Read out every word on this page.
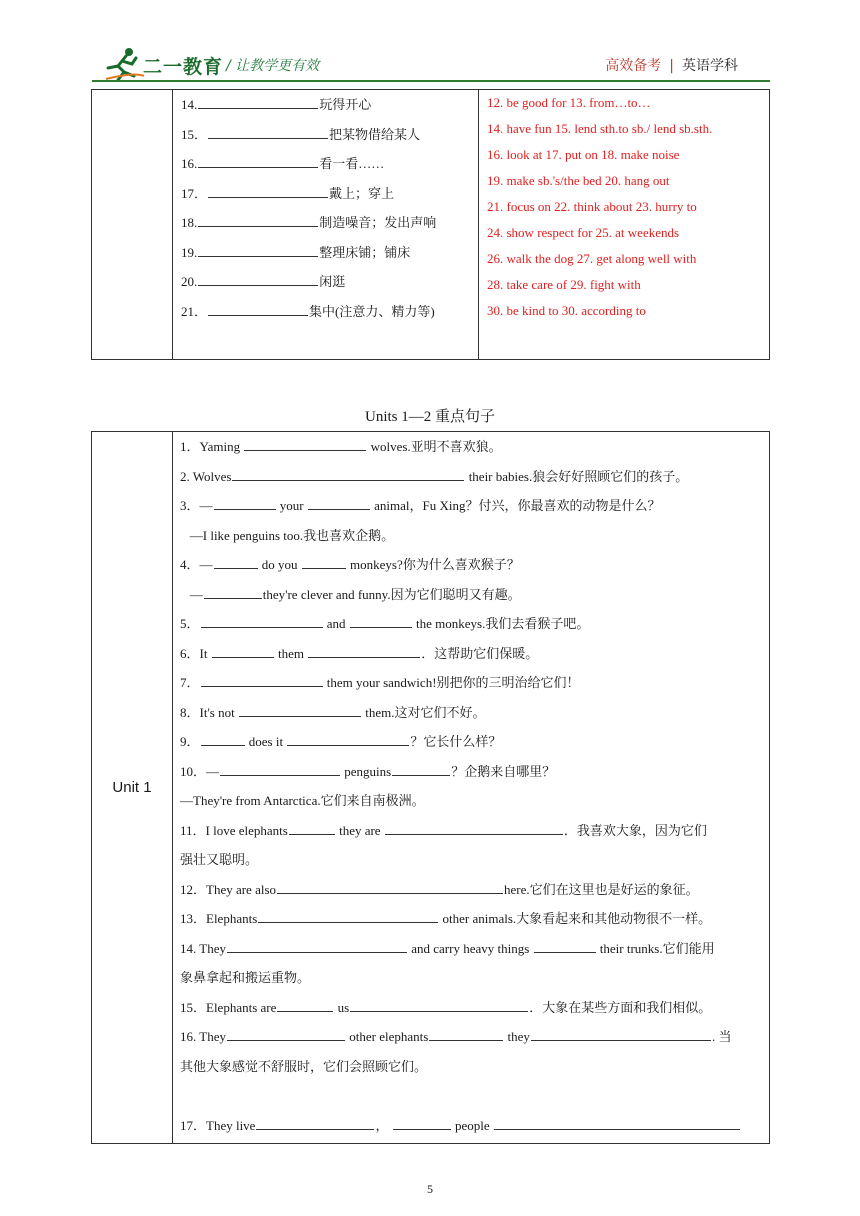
二一教育 / 让教学更有效	高效备考 | 英语学科

14.	玩得开心
15．	把某物借给某人
16.	看一看……
17．	戴上；穿上
18.	制造噪音；发出声响
19.	整理床铺；铺床
20.	闲逛
21．	集中(注意力、精力等)

12. be good for 13. from…to…
14. have fun 15. lend sth.to sb./ lend sb.sth.
16. look at 17. put on 18. make noise
19. make sb.'s/the bed 20. hang out
21. focus on 22. think about 23. hurry to
24. show respect for 25. at weekends
26. walk the dog 27. get along well with
28. take care of 29. fight with
30. be kind to 30. according to
Units 1—2 重点句子
Unit 1	
1．Yaming	wolves.亚明不喜欢狼。
2. Wolves	their babies.狼会好好照顾它们的孩子。
3．—	your	animal，Fu Xing？付兴，你最喜欢的动物是什么？
—I like penguins too.我也喜欢企鹅。
4．—	do you	monkeys?你为什么喜欢猴子？
—	they're clever and funny.因为它们聪明又有趣。
5．	and	the monkeys.我们去看猴子吧。
6．It	them	．这帮助它们保暖。
7．	them your sandwich!别把你的三明治给它们！
8．It's not	them.这对它们不好。
9．	does it	？它长什么样？
10．—	penguins	？企鹅来自哪里？
—They're from Antarctica.它们来自南极洲。
11．I love elephants	they are	．我喜欢大象，因为它们
强壮又聪明。
12．They are also	here.它们在这里也是好运的象征。
13．Elephants	other animals.大象看起来和其他动物很不一样。
14. They	and carry heavy things	their trunks.它们能用
象鼻拿起和搬运重物。
15．Elephants are	us	．大象在某些方面和我们相似。
16. They	other elephants	they	. 当
其他大象感觉不舒服时，它们会照顾它们。
17．They live	，	people
5
